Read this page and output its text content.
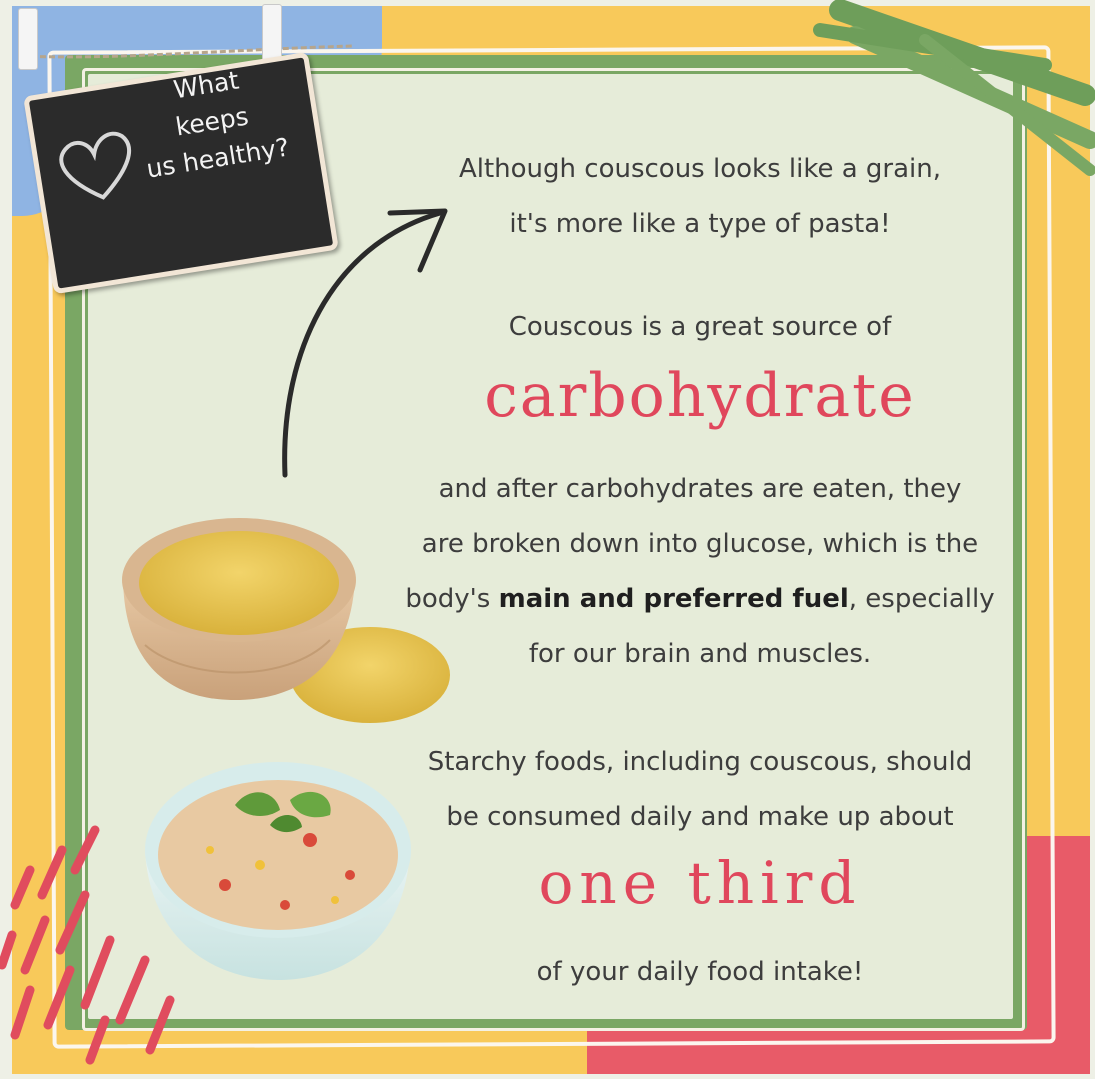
What
keeps
us healthy?	Although couscous looks like a grain,
it's more like a type of pasta!
Couscous is a great source of
carbohydrate
and after carbohydrates are eaten, they
are broken down into glucose, which is the
body's main and preferred fuel, especially
for our brain and muscles.
Starchy foods, including couscous, should
be consumed daily and make up about
one third
of your daily food intake!
